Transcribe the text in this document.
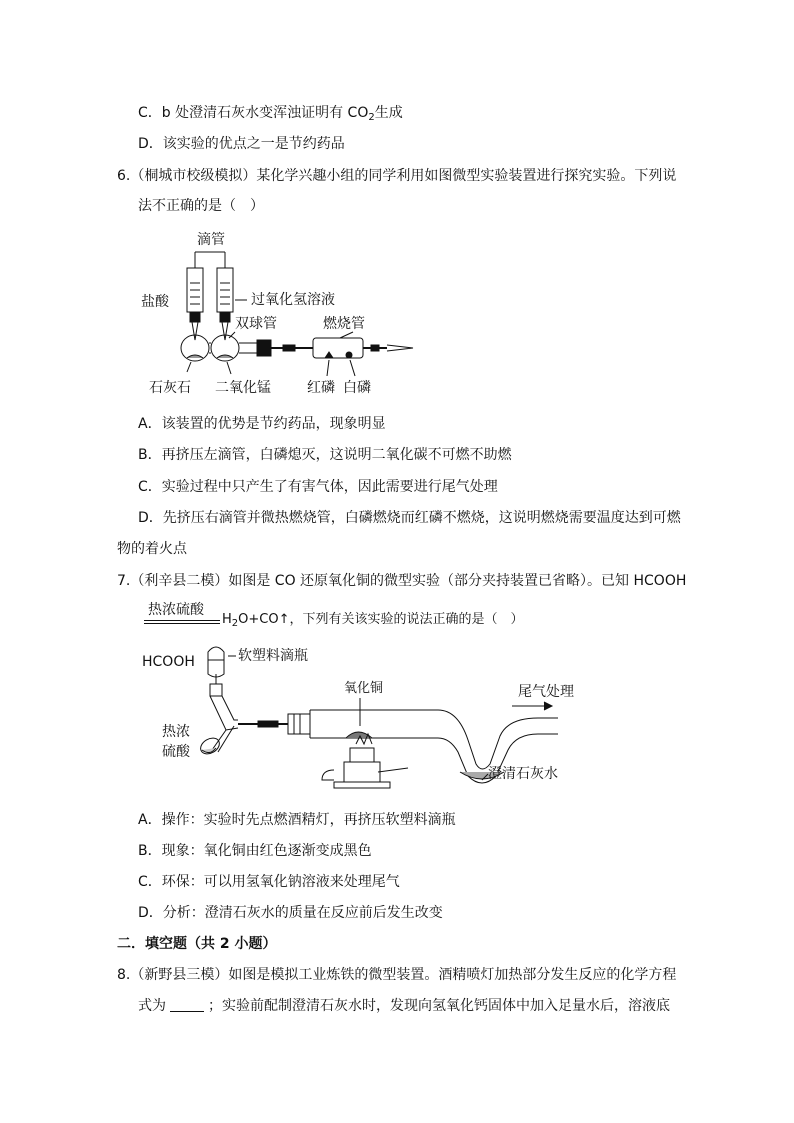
C．b 处澄清石灰水变浑浊证明有 $CO_2$生成
D．该实验的优点之一是节约药品
6.（桐城市校级模拟）某化学兴趣小组的同学利用如图微型实验装置进行探究实验。下列说
法不正确的是（　）
滴管
盐酸	过氧化氢溶液
双球管	燃烧管
石灰石 二氧化锰	红磷 白磷
A．该装置的优势是节约药品，现象明显
B．再挤压左滴管，白磷熄灭，这说明二氧化碳不可燃不助燃
C．实验过程中只产生了有害气体，因此需要进行尾气处理
D．先挤压右滴管并微热燃烧管，白磷燃烧而红磷不燃烧，这说明燃烧需要温度达到可燃
物的着火点
7.（利辛县二模）如图是 CO 还原氧化铜的微型实验（部分夹持装置已省略）。已知 HCOOH
热浓硫酸
$H_2O+CO↑$，下列有关该实验的说法正确的是（　）
HCOOH	软塑料滴瓶
氧化铜	尾气处理
热浓
硫酸
澄清石灰水
A．操作：实验时先点燃酒精灯，再挤压软塑料滴瓶
B．现象：氧化铜由红色逐渐变成黑色
C．环保：可以用氢氧化钠溶液来处理尾气
D．分析：澄清石灰水的质量在反应前后发生改变
二．填空题（共 2 小题）
8.（新野县三模）如图是模拟工业炼铁的微型装置。酒精喷灯加热部分发生反应的化学方程
式为	；实验前配制澄清石灰水时，发现向氢氧化钙固体中加入足量水后，溶液底
